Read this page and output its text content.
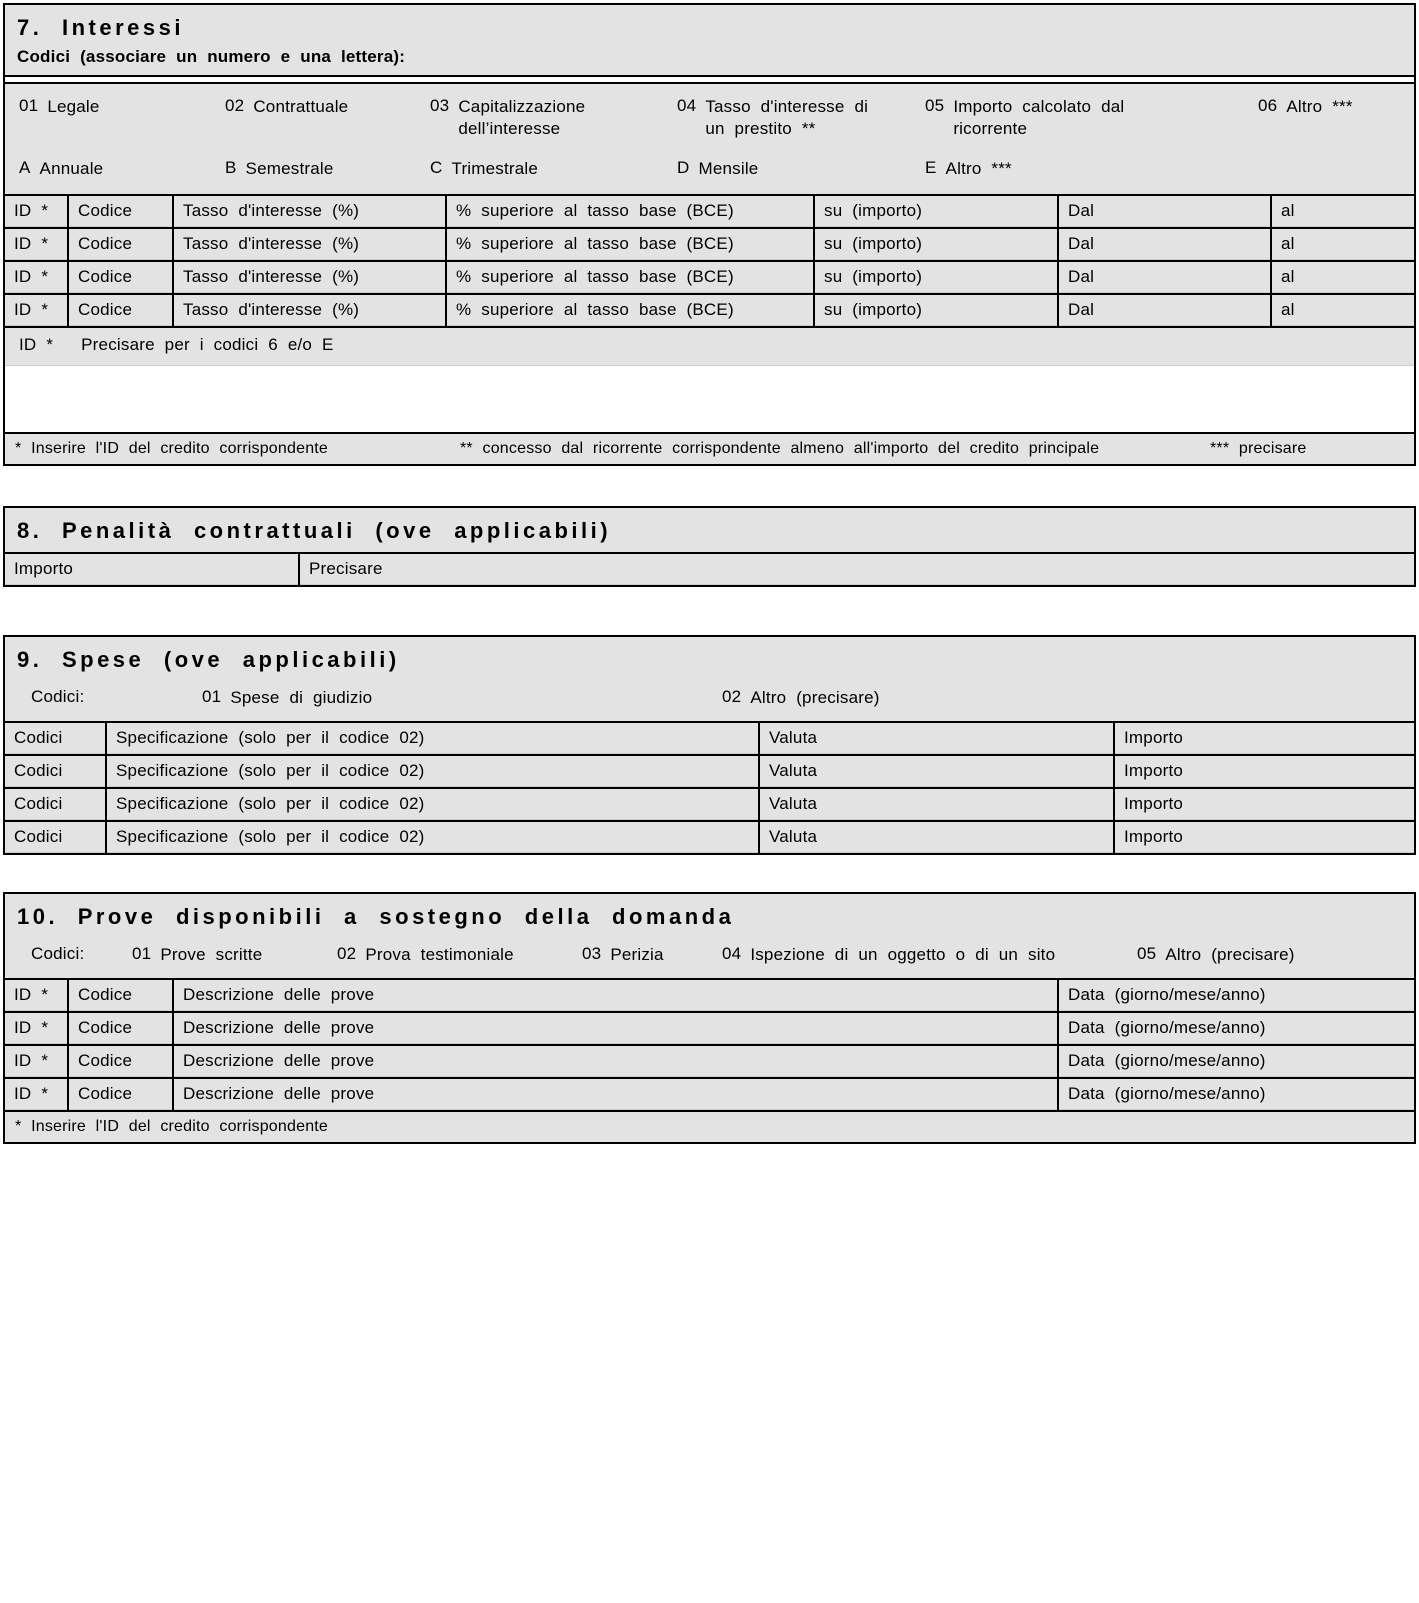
7. Interessi
Codici (associare un numero e una lettera):
01 Legale	02 Contrattuale	03 Capitalizzazione dell’interesse
04 Tasso d'interesse di un prestito **
05 Importo calcolato dal ricorrente
06 Altro ***
A Annuale	B Semestrale	C Trimestrale	D Mensile	E Altro ***
ID *	Codice	Tasso d'interesse (%)	% superiore al tasso base (BCE)	su (importo)	Dal	al
ID *	Codice	Tasso d'interesse (%)	% superiore al tasso base (BCE)	su (importo)	Dal	al
ID *	Codice	Tasso d'interesse (%)	% superiore al tasso base (BCE)	su (importo)	Dal	al
ID *	Codice	Tasso d'interesse (%)	% superiore al tasso base (BCE)	su (importo)	Dal	al
ID * Precisare per i codici 6 e/o E
* Inserire l'ID del credito corrispondente	** concesso dal ricorrente corrispondente almeno all'importo del credito principale	*** precisare
8. Penalità contrattuali (ove applicabili)
Importo	Precisare
9. Spese (ove applicabili)
Codici:	01 Spese di giudizio	02 Altro (precisare)
Codici	Specificazione (solo per il codice 02)	Valuta	Importo
Codici	Specificazione (solo per il codice 02)	Valuta	Importo
Codici	Specificazione (solo per il codice 02)	Valuta	Importo
Codici	Specificazione (solo per il codice 02)	Valuta	Importo
10. Prove disponibili a sostegno della domanda
Codici:	01 Prove scritte	02 Prova testimoniale	03 Perizia	04 Ispezione di un oggetto o di un sito	05 Altro (precisare)
ID *	Codice	Descrizione delle prove	Data (giorno/mese/anno)
ID *	Codice	Descrizione delle prove	Data (giorno/mese/anno)
ID *	Codice	Descrizione delle prove	Data (giorno/mese/anno)
ID *	Codice	Descrizione delle prove	Data (giorno/mese/anno)
* Inserire l'ID del credito corrispondente
